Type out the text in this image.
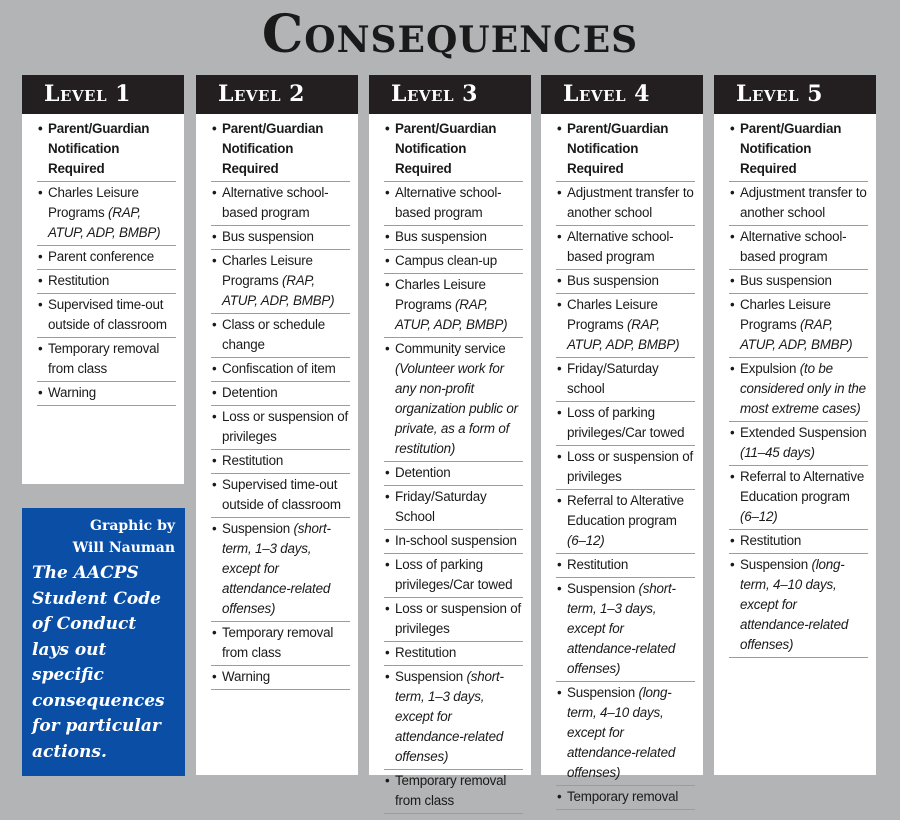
Consequences
Level 1
• Parent/Guardian Notification Required
• Charles Leisure Programs (RAP, ATUP, ADP, BMBP)
• Parent conference
• Restitution
• Supervised time-out outside of classroom
• Temporary removal from class
• Warning
Level 2
• Parent/Guardian Notification Required
• Alternative school-based program
• Bus suspension
• Charles Leisure Programs (RAP, ATUP, ADP, BMBP)
• Class or schedule change
• Confiscation of item
• Detention
• Loss or suspension of privileges
• Restitution
• Supervised time-out outside of classroom
• Suspension (short-term, 1–3 days, except for attendance-related offenses)
• Temporary removal from class
• Warning
Level 3
• Parent/Guardian Notification Required
• Alternative school-based program
• Bus suspension
• Campus clean-up
• Charles Leisure Programs (RAP, ATUP, ADP, BMBP)
• Community service (Volunteer work for any non-profit organization public or private, as a form of restitution)
• Detention
• Friday/Saturday School
• In-school suspension
• Loss of parking privileges/Car towed
• Loss or suspension of privileges
• Restitution
• Suspension (short-term, 1–3 days, except for attendance-related offenses)
• Temporary removal from class
Level 4
• Parent/Guardian Notification Required
• Adjustment transfer to another school
• Alternative school-based program
• Bus suspension
• Charles Leisure Programs (RAP, ATUP, ADP, BMBP)
• Friday/Saturday school
• Loss of parking privileges/Car towed
• Loss or suspension of privileges
• Referral to Alterative Education program (6–12)
• Restitution
• Suspension (short-term, 1–3 days, except for attendance-related offenses)
• Suspension (long-term, 4–10 days, except for attendance-related offenses)
• Temporary removal
Level 5
• Parent/Guardian Notification Required
• Adjustment transfer to another school
• Alternative school-based program
• Bus suspension
• Charles Leisure Programs (RAP, ATUP, ADP, BMBP)
• Expulsion (to be considered only in the most extreme cases)
• Extended Suspension (11–45 days)
• Referral to Alternative Education program (6–12)
• Restitution
• Suspension (long-term, 4–10 days, except for attendance-related offenses)
Graphic by
Will Nauman
The AACPS Student Code of Conduct lays out specific consequences for particular actions.
